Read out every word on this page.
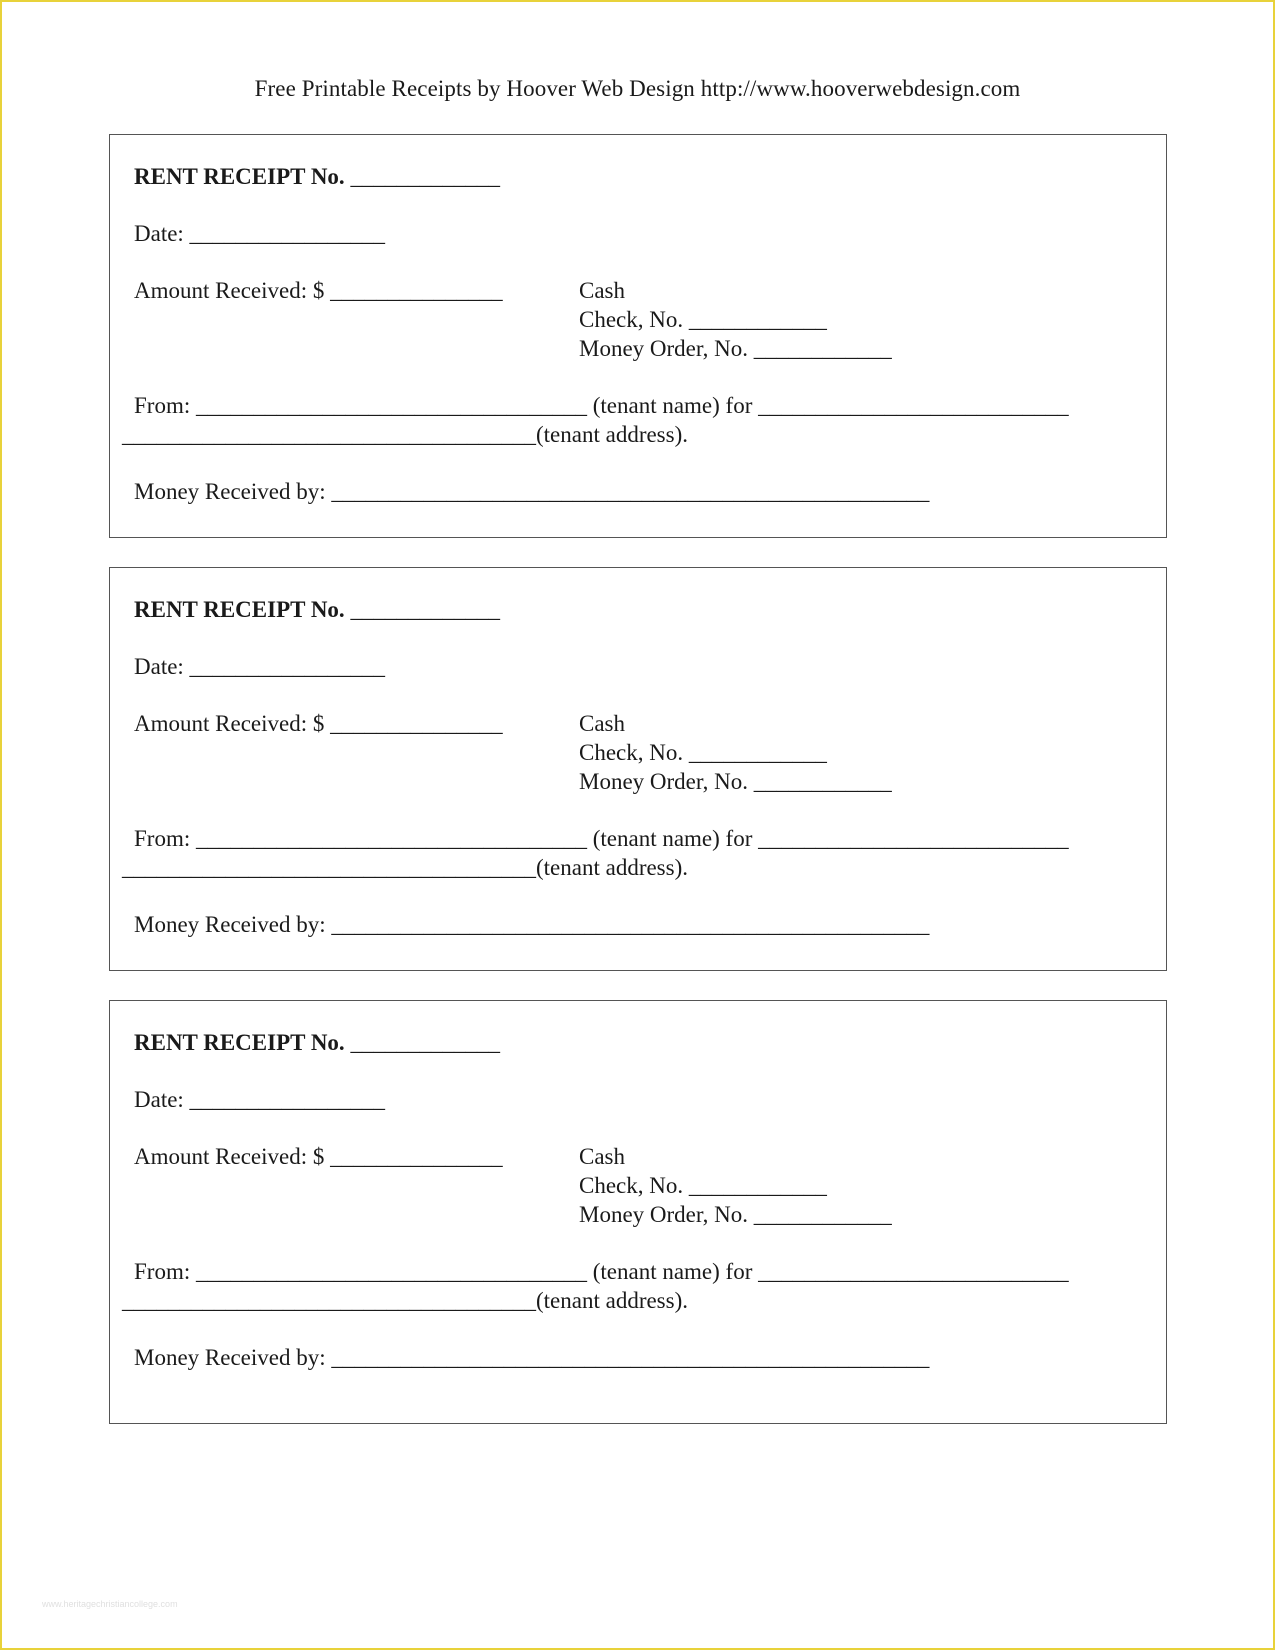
Free Printable Receipts by Hoover Web Design http://www.hooverwebdesign.com
RENT RECEIPT No. _____________
Date: _________________
Amount Received: $ _______________	Cash
Check, No. ____________
Money Order, No. ____________
From: __________________________________ (tenant name) for ___________________________
____________________________________(tenant address).
Money Received by: ____________________________________________________
RENT RECEIPT No. _____________
Date: _________________
Amount Received: $ _______________	Cash
Check, No. ____________
Money Order, No. ____________
From: __________________________________ (tenant name) for ___________________________
____________________________________(tenant address).
Money Received by: ____________________________________________________
RENT RECEIPT No. _____________
Date: _________________
Amount Received: $ _______________	Cash
Check, No. ____________
Money Order, No. ____________
From: __________________________________ (tenant name) for ___________________________
____________________________________(tenant address).
Money Received by: ____________________________________________________
www.heritagechristiancollege.com
